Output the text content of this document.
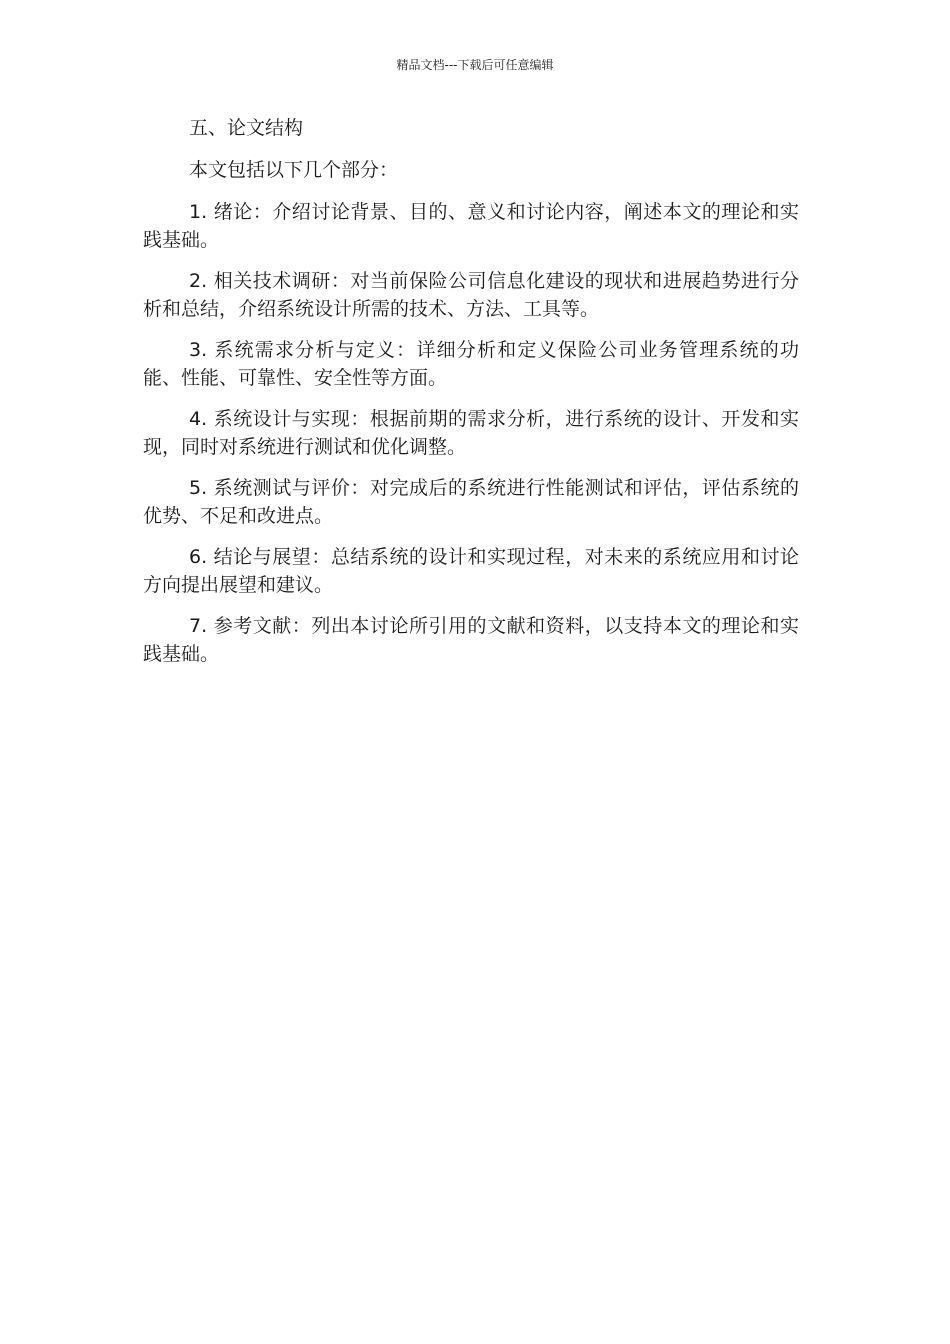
精品文档---下载后可任意编辑

五、论文结构

本文包括以下几个部分：

1. 绪论：介绍讨论背景、目的、意义和讨论内容，阐述本文的理论和实践基础。

2. 相关技术调研：对当前保险公司信息化建设的现状和进展趋势进行分析和总结，介绍系统设计所需的技术、方法、工具等。

3. 系统需求分析与定义：详细分析和定义保险公司业务管理系统的功能、性能、可靠性、安全性等方面。

4. 系统设计与实现：根据前期的需求分析，进行系统的设计、开发和实现，同时对系统进行测试和优化调整。

5. 系统测试与评价：对完成后的系统进行性能测试和评估，评估系统的优势、不足和改进点。

6. 结论与展望：总结系统的设计和实现过程，对未来的系统应用和讨论方向提出展望和建议。

7. 参考文献：列出本讨论所引用的文献和资料，以支持本文的理论和实践基础。
